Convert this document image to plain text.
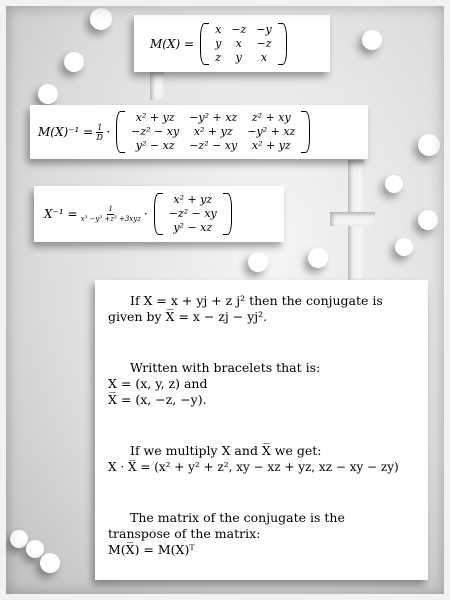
M(X) =
x −z −y
y	x	−z
z	y	x
$M(X)^{-1} = \frac{1}{D}$ ·
x² + yz	−y² + xz	z² + xy
−z² − xy	x² + yz	−y² + xz
y² − xz	−z² − xy	x² + yz
$X^{-1} = \frac{1}{\text{x³ −y³ +z³ +3xyz}}$ ·
x² + yz
−z² − xy
y² − xz

If X = x + yj + z j² then the conjugate is

given by X̅ = x − zj − yj².

Written with bracelets that is:

X = (x, y, z) and

X̅ = (x, −z, −y).

If we multiply X and X̅ we get:

X · X̅ = (x² + y² + z², xy − xz + yz, xz − xy − zy)

The matrix of the conjugate is the

transpose of the matrix:

M(X̅) = M(X)ᵀ
